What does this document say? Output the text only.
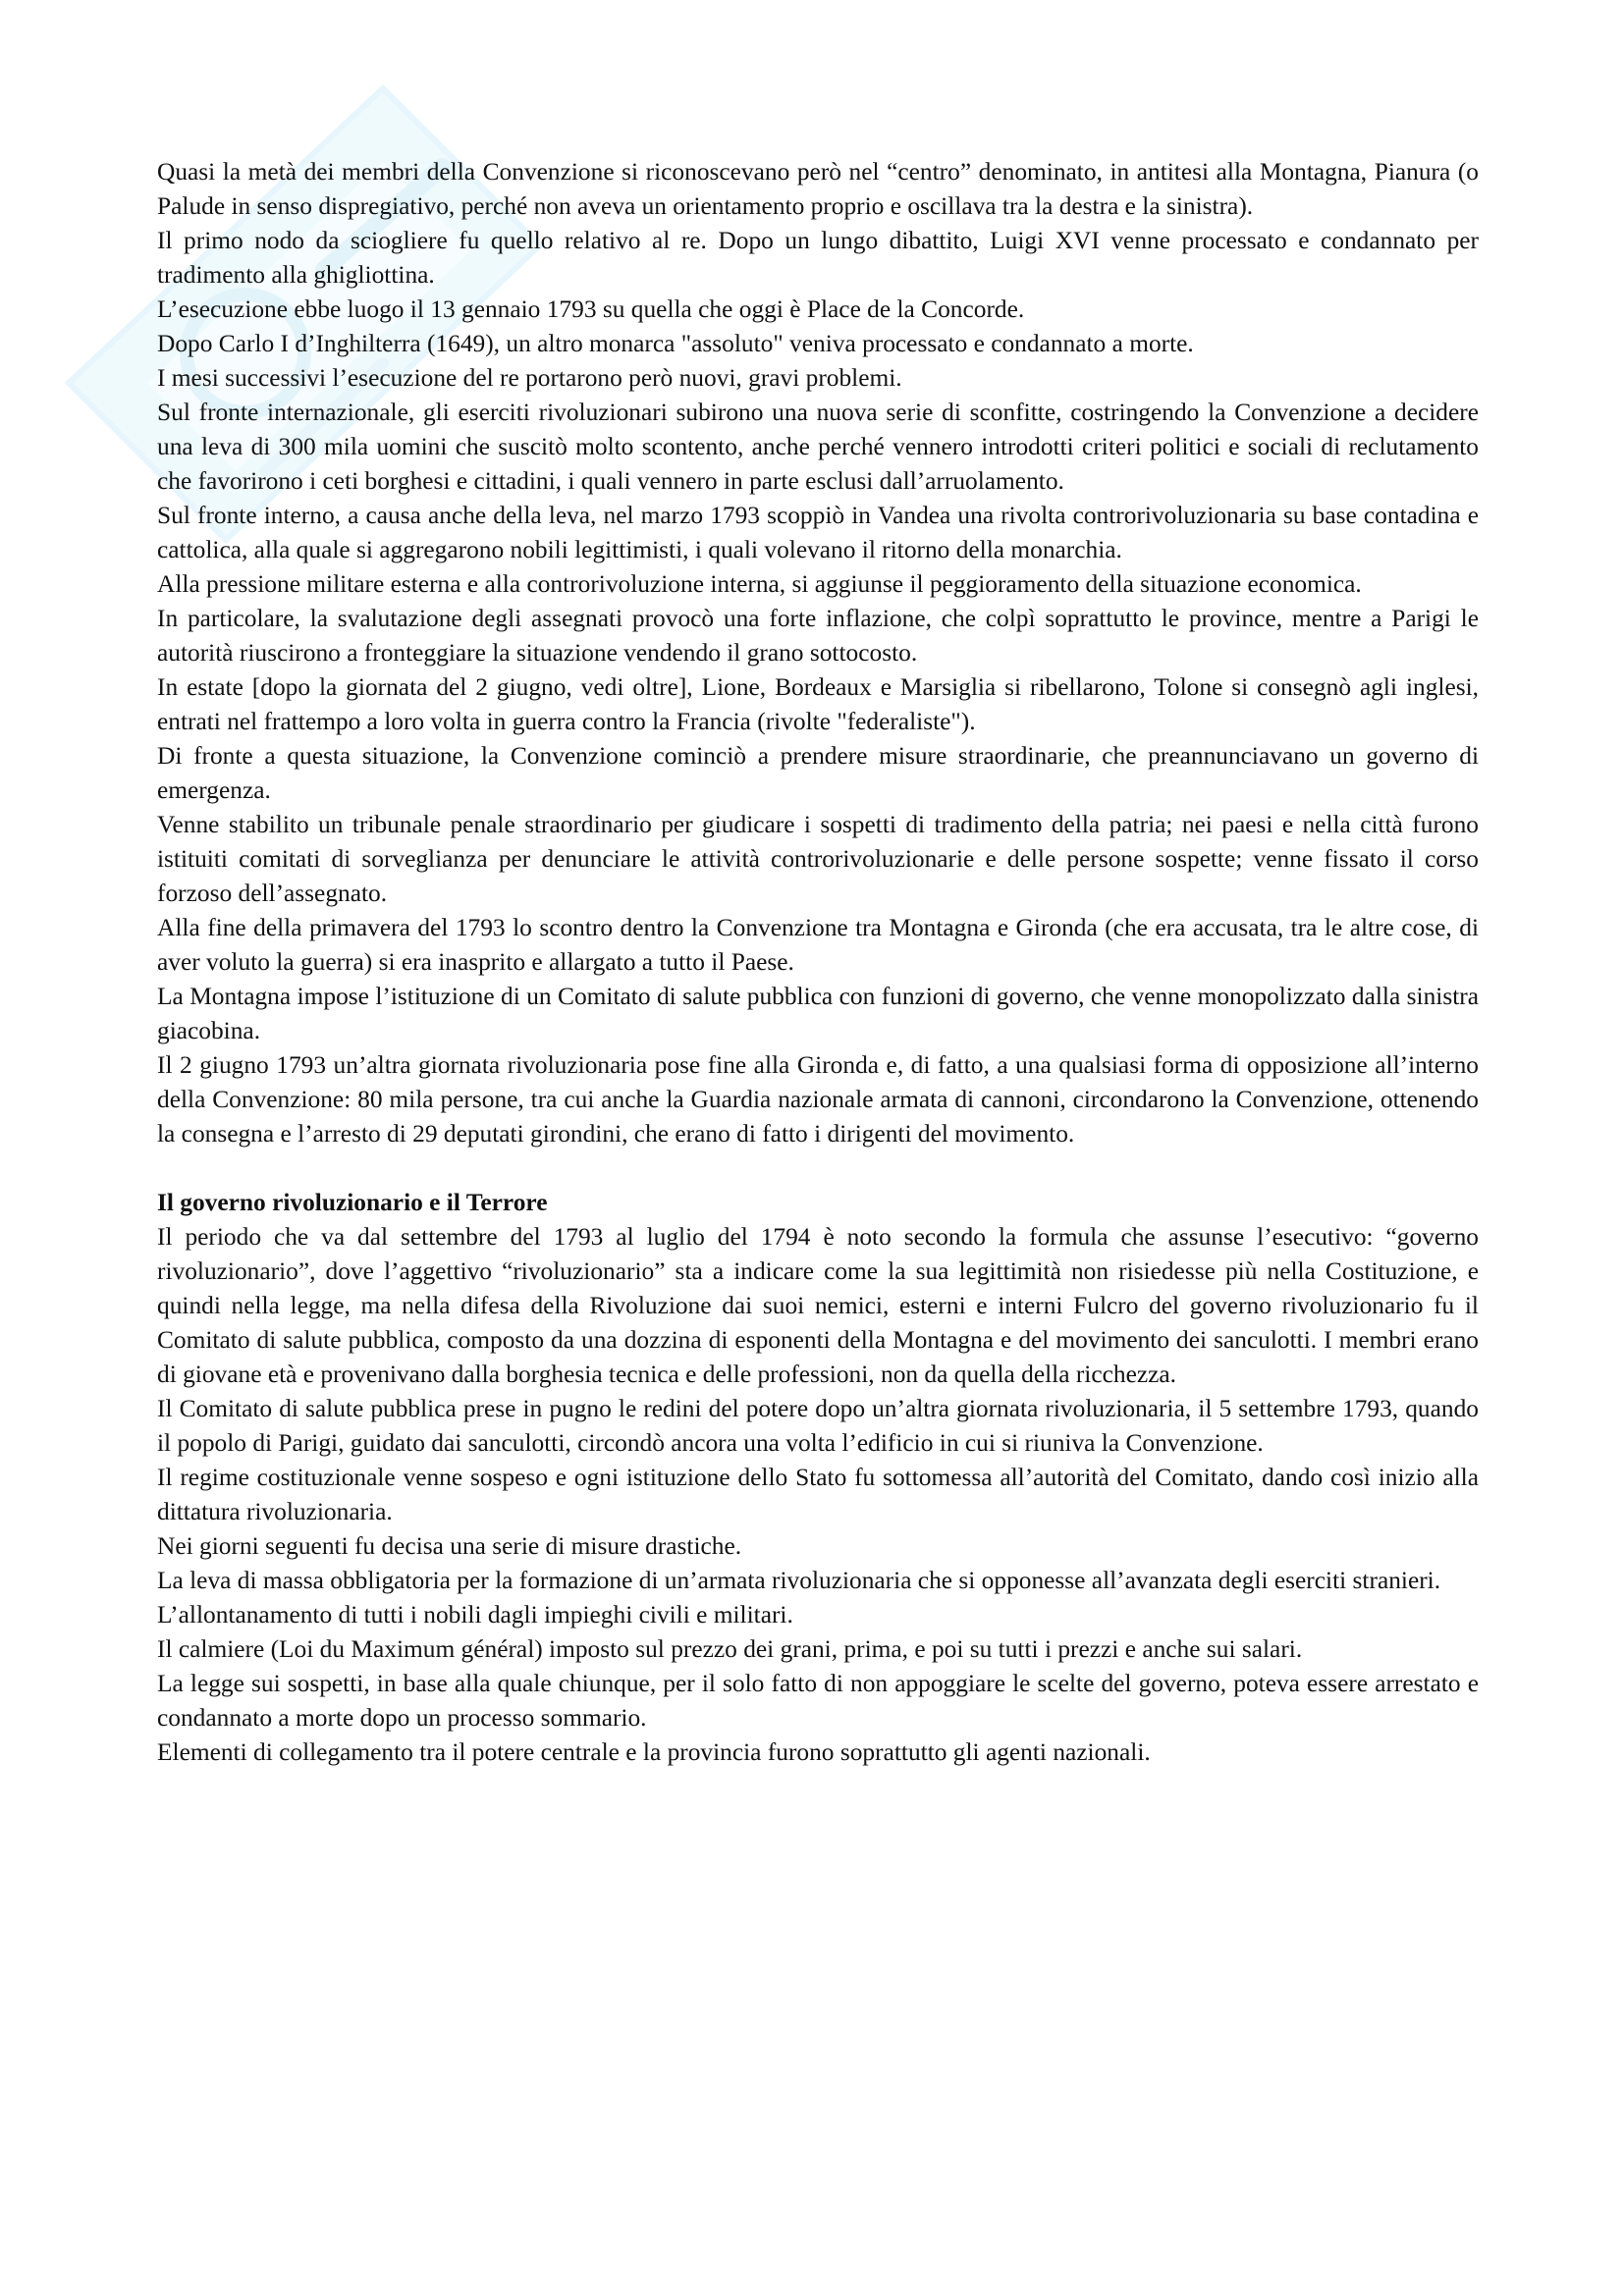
Quasi la metà dei membri della Convenzione si riconoscevano però nel “centro” denominato, in antitesi alla Montagna, Pianura (o Palude in senso dispregiativo, perché non aveva un orientamento proprio e oscillava tra la destra e la sinistra).

Il primo nodo da sciogliere fu quello relativo al re. Dopo un lungo dibattito, Luigi XVI venne processato e condannato per tradimento alla ghigliottina.

L’esecuzione ebbe luogo il 13 gennaio 1793 su quella che oggi è Place de la Concorde.

Dopo Carlo I d’Inghilterra (1649), un altro monarca "assoluto" veniva processato e condannato a morte.

I mesi successivi l’esecuzione del re portarono però nuovi, gravi problemi.

Sul fronte internazionale, gli eserciti rivoluzionari subirono una nuova serie di sconfitte, costringendo la Convenzione a decidere una leva di 300 mila uomini che suscitò molto scontento, anche perché vennero introdotti criteri politici e sociali di reclutamento che favorirono i ceti borghesi e cittadini, i quali vennero in parte esclusi dall’arruolamento.

Sul fronte interno, a causa anche della leva, nel marzo 1793 scoppiò in Vandea una rivolta controrivoluzionaria su base contadina e cattolica, alla quale si aggregarono nobili legittimisti, i quali volevano il ritorno della monarchia.

Alla pressione militare esterna e alla controrivoluzione interna, si aggiunse il peggioramento della situazione economica.

In particolare, la svalutazione degli assegnati provocò una forte inflazione, che colpì soprattutto le province, mentre a Parigi le autorità riuscirono a fronteggiare la situazione vendendo il grano sottocosto.

In estate [dopo la giornata del 2 giugno, vedi oltre], Lione, Bordeaux e Marsiglia si ribellarono, Tolone si consegnò agli inglesi, entrati nel frattempo a loro volta in guerra contro la Francia (rivolte "federaliste").

Di fronte a questa situazione, la Convenzione cominciò a prendere misure straordinarie, che preannunciavano un governo di emergenza.

Venne stabilito un tribunale penale straordinario per giudicare i sospetti di tradimento della patria; nei paesi e nella città furono istituiti comitati di sorveglianza per denunciare le attività controrivoluzionarie e delle persone sospette; venne fissato il corso forzoso dell’assegnato.

Alla fine della primavera del 1793 lo scontro dentro la Convenzione tra Montagna e Gironda (che era accusata, tra le altre cose, di aver voluto la guerra) si era inasprito e allargato a tutto il Paese.

La Montagna impose l’istituzione di un Comitato di salute pubblica con funzioni di governo, che venne monopolizzato dalla sinistra giacobina.

Il 2 giugno 1793 un’altra giornata rivoluzionaria pose fine alla Gironda e, di fatto, a una qualsiasi forma di opposizione all’interno della Convenzione: 80 mila persone, tra cui anche la Guardia nazionale armata di cannoni, circondarono la Convenzione, ottenendo la consegna e l’arresto di 29 deputati girondini, che erano di fatto i dirigenti del movimento.

Il governo rivoluzionario e il Terrore

Il periodo che va dal settembre del 1793 al luglio del 1794 è noto secondo la formula che assunse l’esecutivo: “governo rivoluzionario”, dove l’aggettivo “rivoluzionario” sta a indicare come la sua legittimità non risiedesse più nella Costituzione, e quindi nella legge, ma nella difesa della Rivoluzione dai suoi nemici, esterni e interni Fulcro del governo rivoluzionario fu il Comitato di salute pubblica, composto da una dozzina di esponenti della Montagna e del movimento dei sanculotti. I membri erano di giovane età e provenivano dalla borghesia tecnica e delle professioni, non da quella della ricchezza.

Il Comitato di salute pubblica prese in pugno le redini del potere dopo un’altra giornata rivoluzionaria, il 5 settembre 1793, quando il popolo di Parigi, guidato dai sanculotti, circondò ancora una volta l’edificio in cui si riuniva la Convenzione.

Il regime costituzionale venne sospeso e ogni istituzione dello Stato fu sottomessa all’autorità del Comitato, dando così inizio alla dittatura rivoluzionaria.

Nei giorni seguenti fu decisa una serie di misure drastiche.

La leva di massa obbligatoria per la formazione di un’armata rivoluzionaria che si opponesse all’avanzata degli eserciti stranieri.

L’allontanamento di tutti i nobili dagli impieghi civili e militari.

Il calmiere (Loi du Maximum général) imposto sul prezzo dei grani, prima, e poi su tutti i prezzi e anche sui salari.

La legge sui sospetti, in base alla quale chiunque, per il solo fatto di non appoggiare le scelte del governo, poteva essere arrestato e condannato a morte dopo un processo sommario.

Elementi di collegamento tra il potere centrale e la provincia furono soprattutto gli agenti nazionali.
